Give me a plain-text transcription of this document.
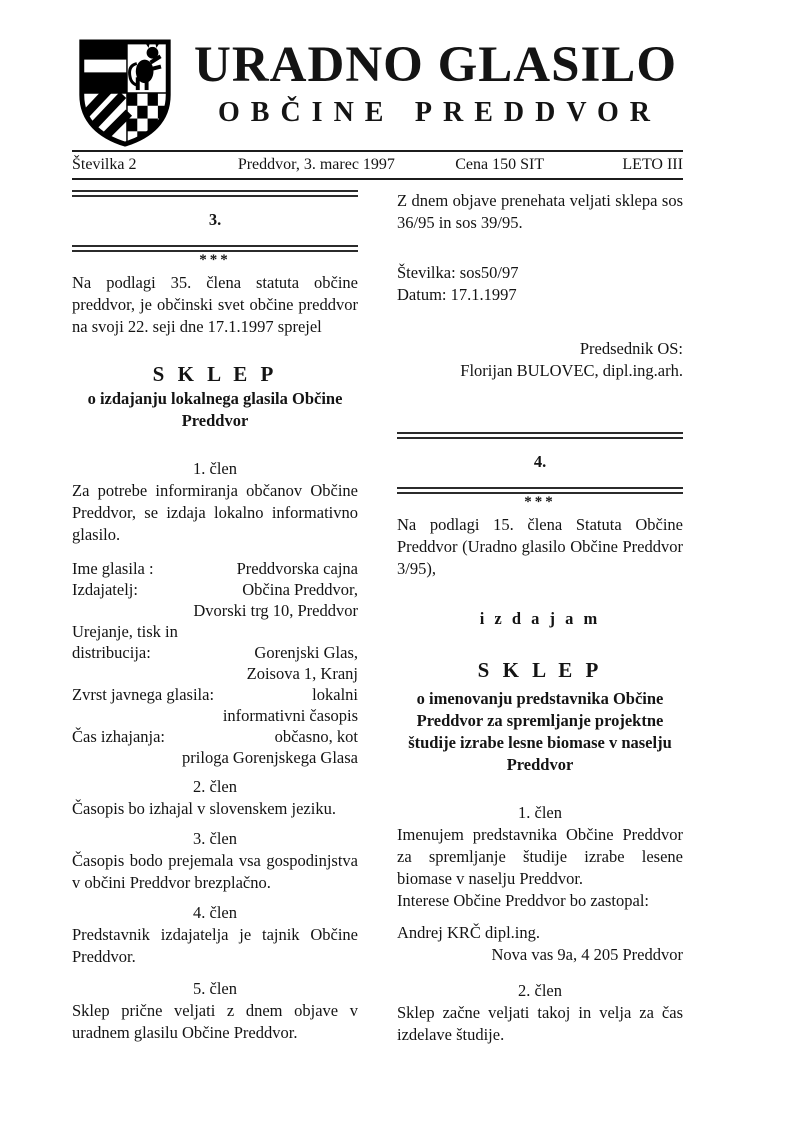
URADNO GLASILO
OBČINE PREDDVOR
Številka 2	Preddvor, 3. marec 1997	Cena 150 SIT	LETO III
3.
***
Na podlagi 35. člena statuta občine preddvor, je občinski svet občine preddvor na svoji 22. seji dne 17.1.1997 sprejel
S K L E P
o izdajanju lokalnega glasila Občine Preddvor
1. člen
Za potrebe informiranja občanov Občine Preddvor, se izdaja lokalno informativno glasilo.
Ime glasila :	Preddvorska cajna
Izdajatelj:	Občina Preddvor,
Dvorski trg 10, Preddvor
Urejanje, tisk in
distribucija:	Gorenjski Glas,
Zoisova 1, Kranj
Zvrst javnega glasila:	lokalni
informativni časopis
Čas izhajanja:	občasno, kot
priloga Gorenjskega Glasa
2. člen
Časopis bo izhajal v slovenskem jeziku.
3. člen
Časopis bodo prejemala vsa gospodinjstva v občini Preddvor brezplačno.
4. člen
Predstavnik izdajatelja je tajnik Občine Preddvor.
5. člen
Sklep prične veljati z dnem objave v uradnem glasilu Občine Preddvor.
Z dnem objave prenehata veljati sklepa sos 36/95 in sos 39/95.
Številka: sos50/97
Datum: 17.1.1997
Predsednik OS:
Florijan BULOVEC, dipl.ing.arh.
4.
***
Na podlagi 15. člena Statuta Občine Preddvor (Uradno glasilo Občine Preddvor 3/95),
i z d a j a m
S K L E P
o imenovanju predstavnika Občine Preddvor za spremljanje projektne študije izrabe lesne biomase v naselju Preddvor
1. člen
Imenujem predstavnika Občine Preddvor za spremljanje študije izrabe lesene biomase v naselju Preddvor.
Interese Občine Preddvor bo zastopal:
Andrej KRČ dipl.ing.
Nova vas 9a, 4 205 Preddvor
2. člen
Sklep začne veljati takoj in velja za čas izdelave študije.
